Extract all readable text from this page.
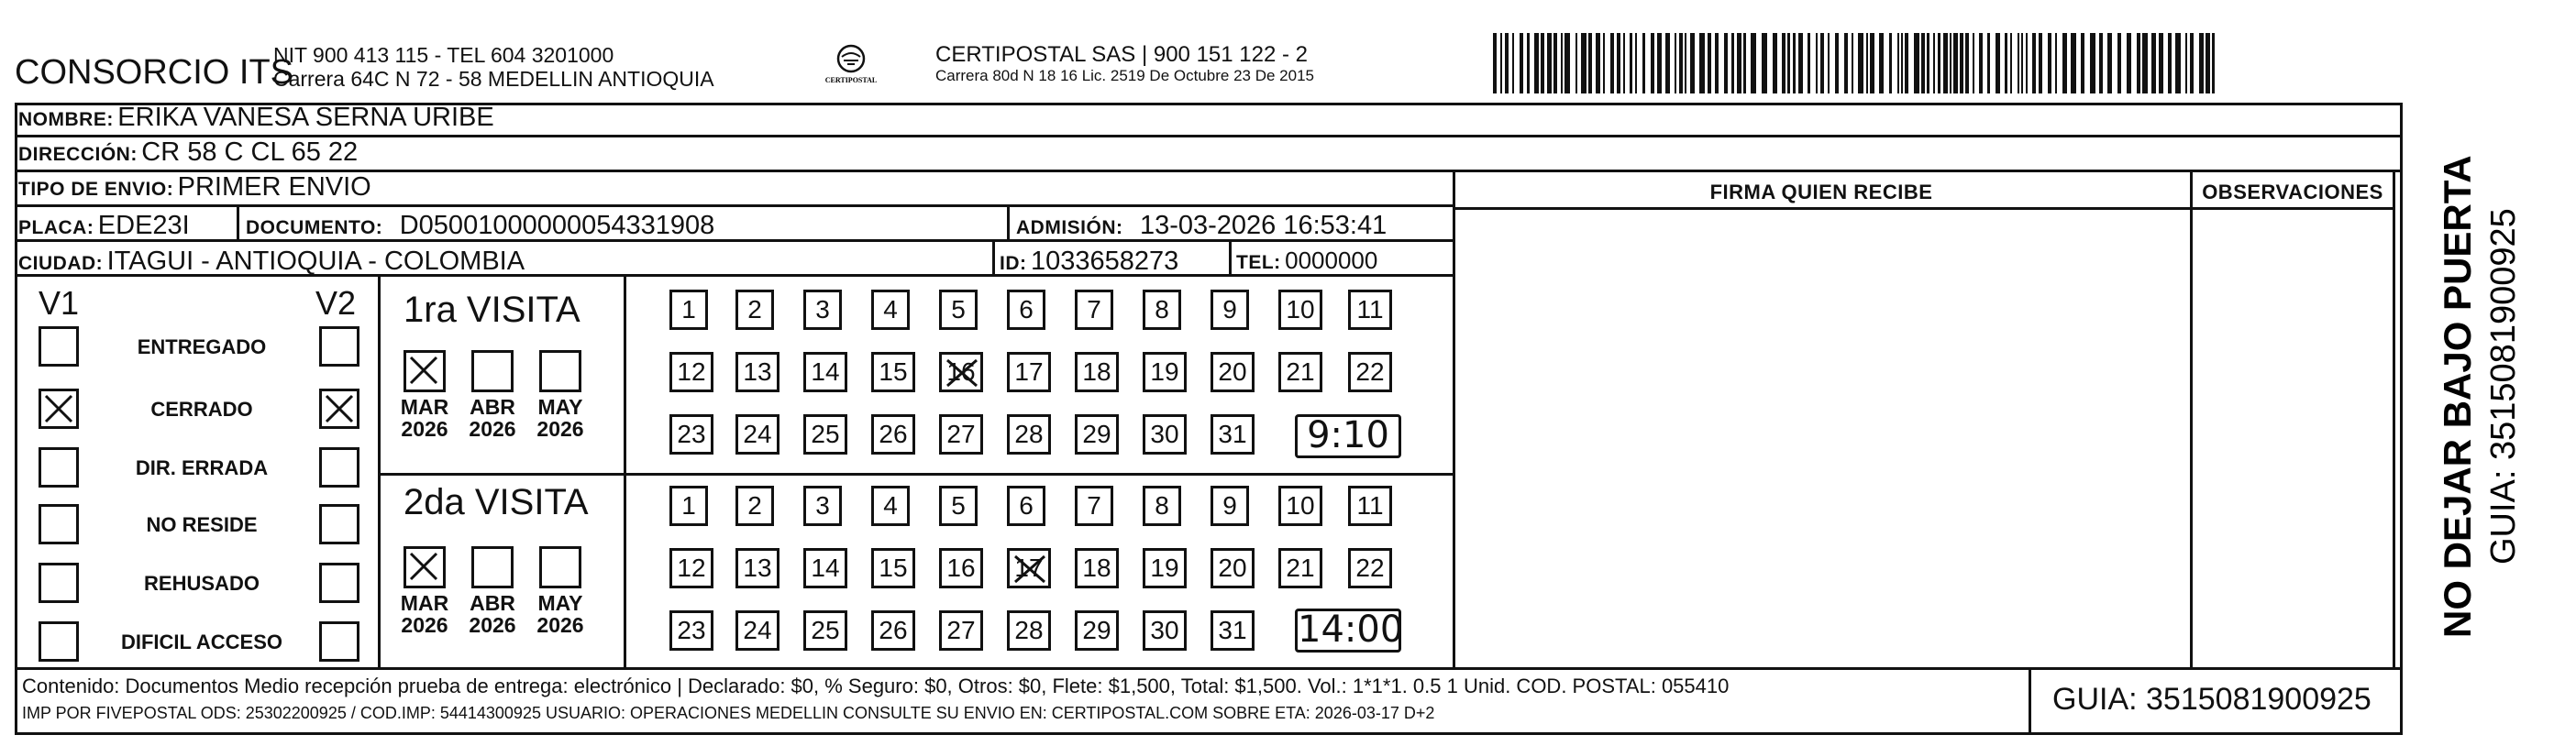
CONSORCIO ITS
NIT 900 413 115 - TEL 604 3201000
Carrera 64C N 72 - 58 MEDELLIN ANTIOQUIA	CERTIPOSTAL
CERTIPOSTAL SAS | 900 151 122 - 2
Carrera 80d N 18 16 Lic. 2519 De Octubre 23 De 2015
NOMBRE: ERIKA VANESA SERNA URIBE
DIRECCIÓN: CR 58 C CL 65 22
TIPO DE ENVIO: PRIMER ENVIO
PLACA: EDE23I	DOCUMENTO: D05001000000054331908	ADMISIÓN: 13-03-2026 16:53:41
CIUDAD: ITAGUI - ANTIOQUIA - COLOMBIA	ID: 1033658273	TEL: 0000000
FIRMA QUIEN RECIBE	OBSERVACIONES
V1	V2
ENTREGADO
CERRADO
DIR. ERRADA
NO RESIDE
REHUSADO
DIFICIL ACCESO
1ra VISITA
MAR
2026
ABR
2026
MAY
2026
1	2	3	4	5	6	7	8	9	10	11
12	13	14	15	16	17	18	19	20	21	22
23	24	25	26	27	28	29	30	31	9:10
2da VISITA
MAR
2026
ABR
2026
MAY
2026
1	2	3	4	5	6	7	8	9	10	11
12	13	14	15	16	17	18	19	20	21	22
23	24	25	26	27	28	29	30	31 14:00
Contenido: Documentos Medio recepción prueba de entrega: electrónico | Declarado: $0, % Seguro: $0, Otros: $0, Flete: $1,500, Total: $1,500. Vol.: 1*1*1. 0.5 1 Unid. COD. POSTAL: 055410
IMP POR FIVEPOSTAL ODS: 25302200925 / COD.IMP: 54414300925 USUARIO: OPERACIONES MEDELLIN CONSULTE SU ENVIO EN: CERTIPOSTAL.COM SOBRE ETA: 2026-03-17 D+2	GUIA: 3515081900925
NO DEJAR BAJO PUERTA GUIA: 3515081900925
